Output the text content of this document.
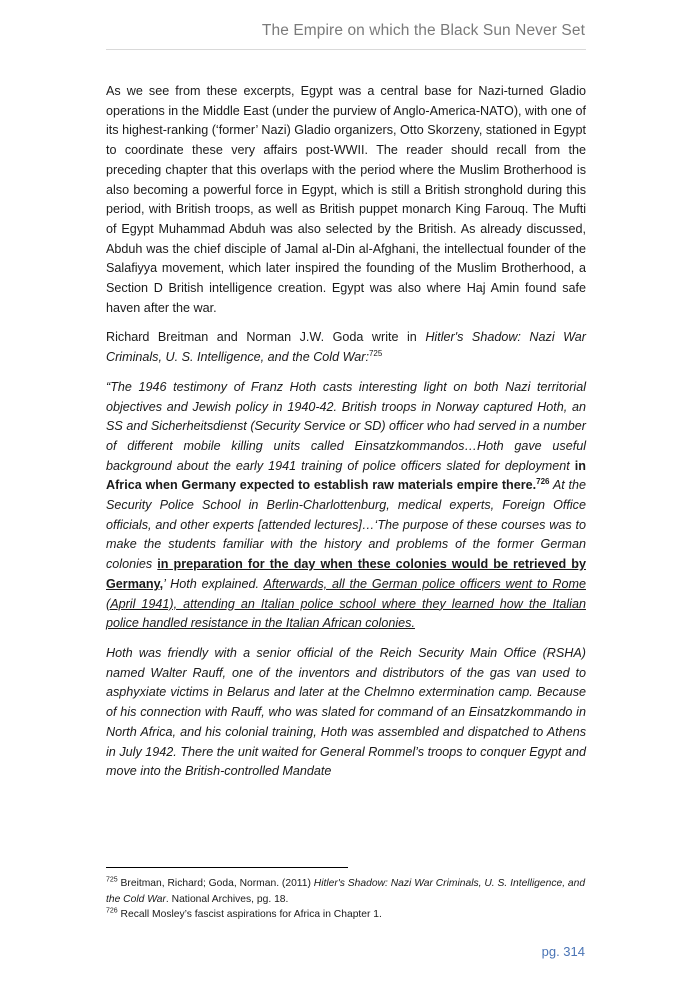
The Empire on which the Black Sun Never Set

As we see from these excerpts, Egypt was a central base for Nazi-turned Gladio operations in the Middle East (under the purview of Anglo-America-NATO), with one of its highest-ranking (‘former’ Nazi) Gladio organizers, Otto Skorzeny, stationed in Egypt to coordinate these very affairs post-WWII. The reader should recall from the preceding chapter that this overlaps with the period where the Muslim Brotherhood is also becoming a powerful force in Egypt, which is still a British stronghold during this period, with British troops, as well as British puppet monarch King Farouq. The Mufti of Egypt Muhammad Abduh was also selected by the British. As already discussed, Abduh was the chief disciple of Jamal al-Din al-Afghani, the intellectual founder of the Salafiyya movement, which later inspired the founding of the Muslim Brotherhood, a Section D British intelligence creation. Egypt was also where Haj Amin found safe haven after the war.

Richard Breitman and Norman J.W. Goda write in Hitler's Shadow: Nazi War Criminals, U. S. Intelligence, and the Cold War:$^{725}$

“The 1946 testimony of Franz Hoth casts interesting light on both Nazi territorial objectives and Jewish policy in 1940-42. British troops in Norway captured Hoth, an SS and Sicherheitsdienst (Security Service or SD) officer who had served in a number of different mobile killing units called Einsatzkommandos…Hoth gave useful background about the early 1941 training of police officers slated for deployment in Africa when Germany expected to establish raw materials empire there.$^{726}$ At the Security Police School in Berlin-Charlottenburg, medical experts, Foreign Office officials, and other experts [attended lectures]…‘The purpose of these courses was to make the students familiar with the history and problems of the former German colonies in preparation for the day when these colonies would be retrieved by Germany,’ Hoth explained. Afterwards, all the German police officers went to Rome (April 1941), attending an Italian police school where they learned how the Italian police handled resistance in the Italian African colonies.

Hoth was friendly with a senior official of the Reich Security Main Office (RSHA) named Walter Rauff, one of the inventors and distributors of the gas van used to asphyxiate victims in Belarus and later at the Chelmno extermination camp. Because of his connection with Rauff, who was slated for command of an Einsatzkommando in North Africa, and his colonial training, Hoth was assembled and dispatched to Athens in July 1942. There the unit waited for General Rommel’s troops to conquer Egypt and move into the British-controlled Mandate

$^{725}$ Breitman, Richard; Goda, Norman. (2011) Hitler's Shadow: Nazi War Criminals, U. S. Intelligence, and the Cold War. National Archives, pg. 18.

$^{726}$ Recall Mosley’s fascist aspirations for Africa in Chapter 1.

pg. 314
